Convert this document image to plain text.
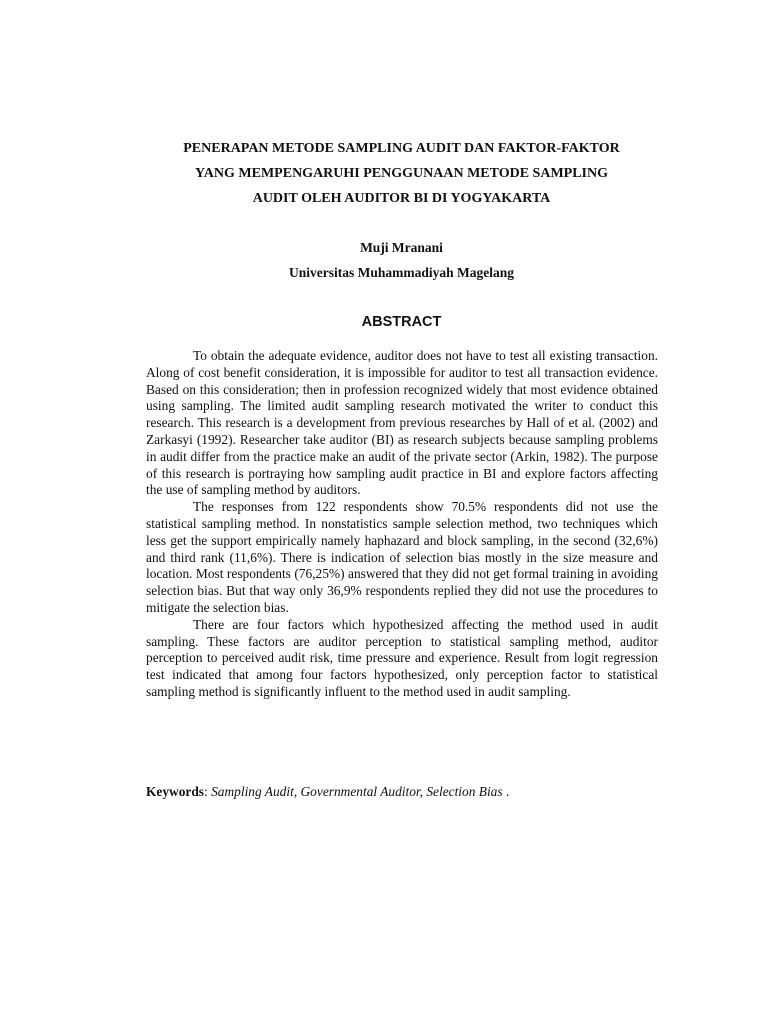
PENERAPAN METODE SAMPLING AUDIT DAN FAKTOR-FAKTOR
YANG MEMPENGARUHI PENGGUNAAN METODE SAMPLING
AUDIT OLEH AUDITOR BI DI YOGYAKARTA
Muji Mranani
Universitas Muhammadiyah Magelang
ABSTRACT

To obtain the adequate evidence, auditor does not have to test all existing transaction. Along of cost benefit consideration, it is impossible for auditor to test all transaction evidence. Based on this consideration; then in profession recognized widely that most evidence obtained using sampling. The limited audit sampling research motivated the writer to conduct this research. This research is a development from previous researches by Hall of et al. (2002) and Zarkasyi (1992). Researcher take auditor (BI) as research subjects because sampling problems in audit differ from the practice make an audit of the private sector (Arkin, 1982). The purpose of this research is portraying how sampling audit practice in BI and explore factors affecting the use of sampling method by auditors.

The responses from 122 respondents show 70.5% respondents did not use the statistical sampling method. In nonstatistics sample selection method, two techniques which less get the support empirically namely haphazard and block sampling, in the second (32,6%) and third rank (11,6%). There is indication of selection bias mostly in the size measure and location. Most respondents (76,25%) answered that they did not get formal training in avoiding selection bias. But that way only 36,9% respondents replied they did not use the procedures to mitigate the selection bias.

There are four factors which hypothesized affecting the method used in audit sampling. These factors are auditor perception to statistical sampling method, auditor perception to perceived audit risk, time pressure and experience. Result from logit regression test indicated that among four factors hypothesized, only perception factor to statistical sampling method is significantly influent to the method used in audit sampling.

Keywords: Sampling Audit, Governmental Auditor, Selection Bias .
